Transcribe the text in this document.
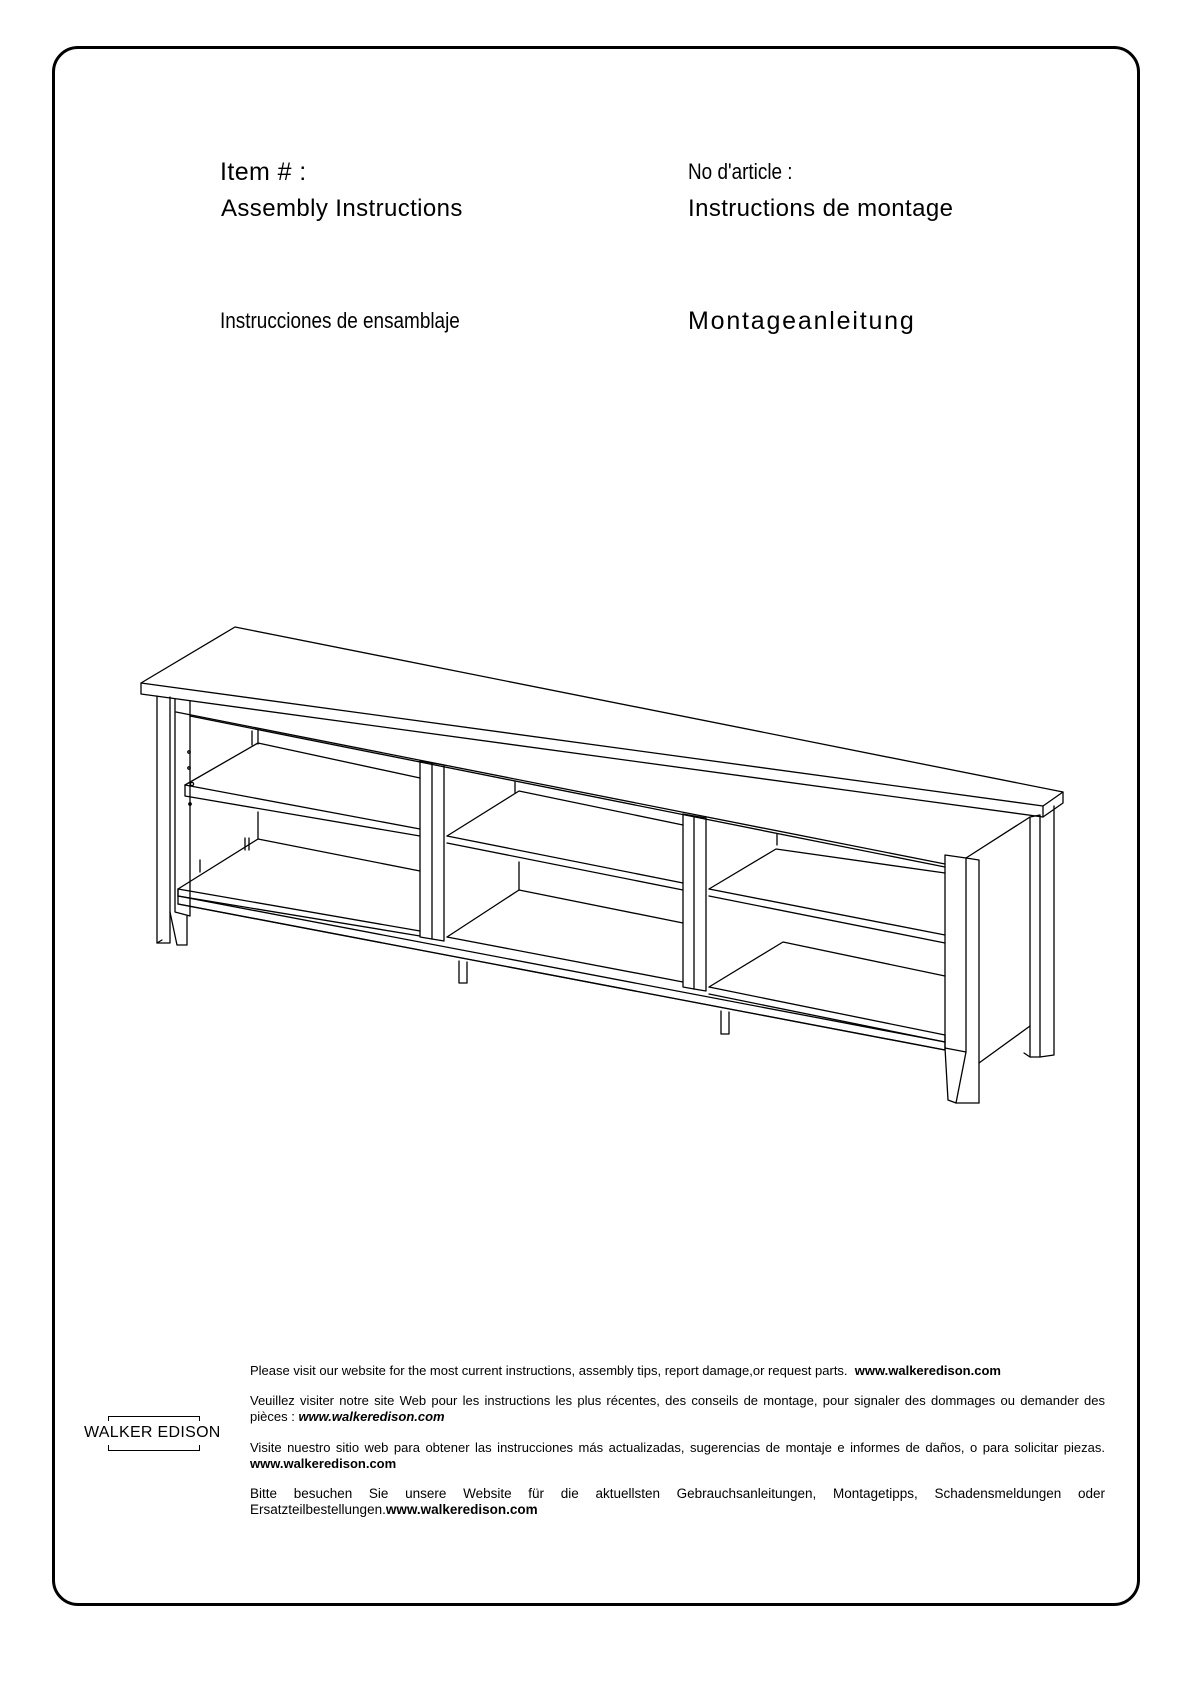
Item # :	No d'article :
Assembly Instructions	Instructions de montage
Instrucciones de ensamblaje	Montageanleitung
WALKER EDISON

Please visit our website for the most current instructions, assembly tips, report damage,or request parts. www.walkeredison.com

Veuillez visiter notre site Web pour les instructions les plus récentes, des conseils de montage, pour signaler des dommages ou demander des pièces : www.walkeredison.com

Visite nuestro sitio web para obtener las instrucciones más actualizadas, sugerencias de montaje e informes de daños, o para solicitar piezas. www.walkeredison.com

Bitte besuchen Sie unsere Website für die aktuellsten Gebrauchsanleitungen, Montagetipps, Schadensmeldungen oder Ersatzteilbestellungen.www.walkeredison.com
